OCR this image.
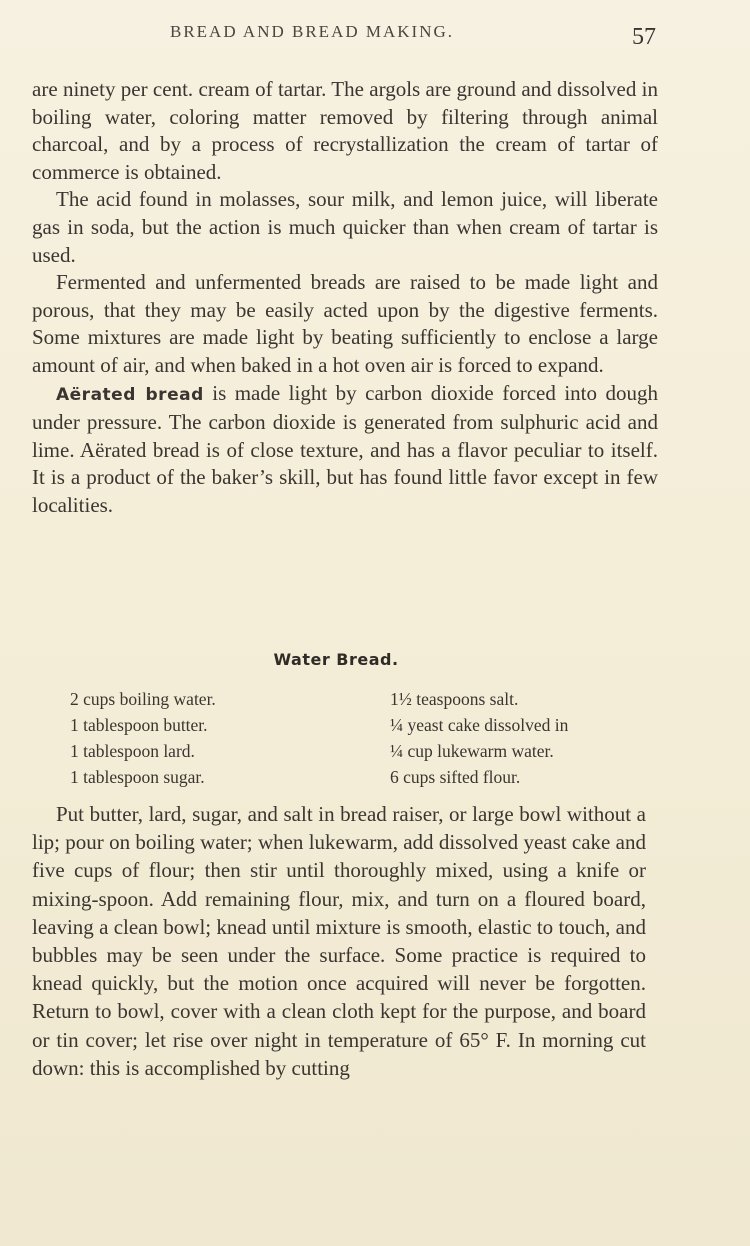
BREAD AND BREAD MAKING.	57

are ninety per cent. cream of tartar. The argols are ground and dissolved in boiling water, coloring matter removed by filtering through animal charcoal, and by a process of recrystallization the cream of tartar of commerce is obtained.

The acid found in molasses, sour milk, and lemon juice, will liberate gas in soda, but the action is much quicker than when cream of tartar is used.

Fermented and unfermented breads are raised to be made light and porous, that they may be easily acted upon by the digestive ferments. Some mixtures are made light by beating sufficiently to enclose a large amount of air, and when baked in a hot oven air is forced to expand.

Aërated bread is made light by carbon dioxide forced into dough under pressure. The carbon dioxide is generated from sulphuric acid and lime. Aërated bread is of close texture, and has a flavor peculiar to itself. It is a product of the baker’s skill, but has found little favor except in few localities.

Water Bread.
2 cups boiling water.
1 tablespoon butter.
1 tablespoon lard.
1 tablespoon sugar.
1½ teaspoons salt.
¼ yeast cake dissolved in
¼ cup lukewarm water.
6 cups sifted flour.

Put butter, lard, sugar, and salt in bread raiser, or large bowl without a lip; pour on boiling water; when lukewarm, add dissolved yeast cake and five cups of flour; then stir until thoroughly mixed, using a knife or mixing-spoon. Add remaining flour, mix, and turn on a floured board, leaving a clean bowl; knead until mixture is smooth, elastic to touch, and bubbles may be seen under the surface. Some practice is required to knead quickly, but the motion once acquired will never be forgotten. Return to bowl, cover with a clean cloth kept for the purpose, and board or tin cover; let rise over night in temperature of 65° F. In morning cut down: this is accomplished by cutting
